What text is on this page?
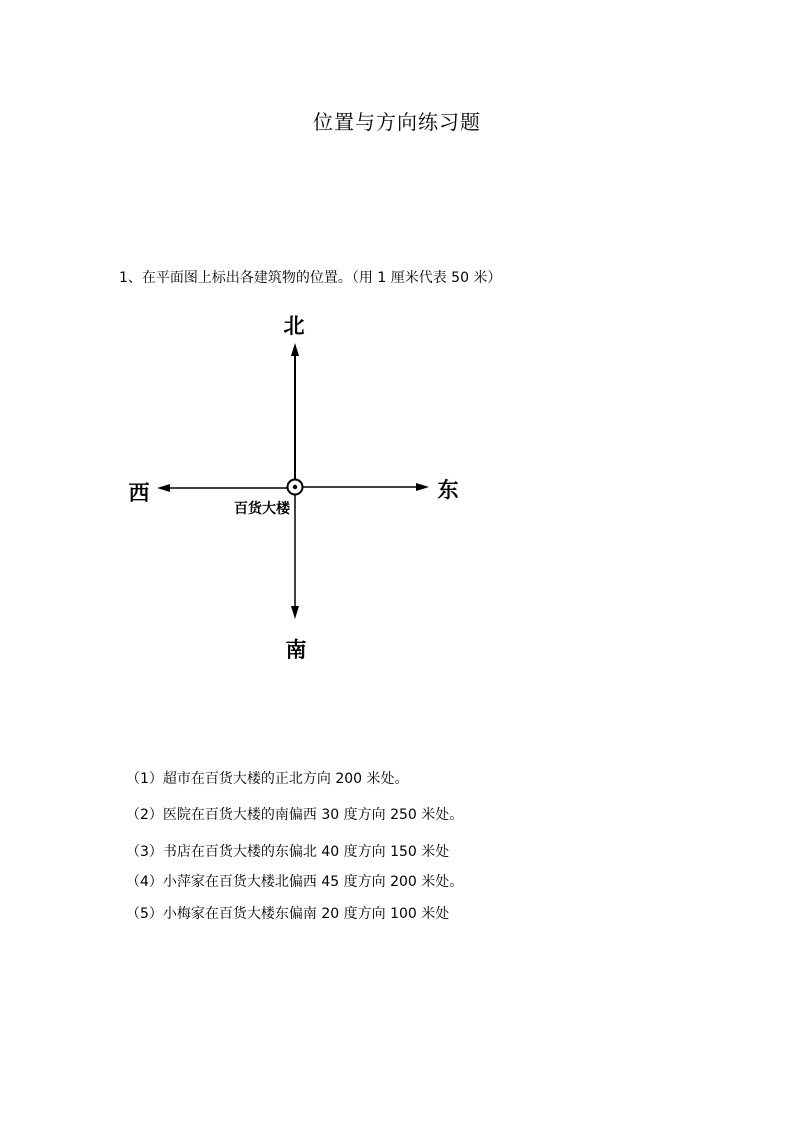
位置与方向练习题
1、在平面图上标出各建筑物的位置。（用 1 厘米代表 50 米）
北
南
东
西
百货大楼
（1）超市在百货大楼的正北方向 200 米处。
（2）医院在百货大楼的南偏西 30 度方向 250 米处。
（3）书店在百货大楼的东偏北 40 度方向 150 米处
（4）小萍家在百货大楼北偏西 45 度方向 200 米处。
（5）小梅家在百货大楼东偏南 20 度方向 100 米处
